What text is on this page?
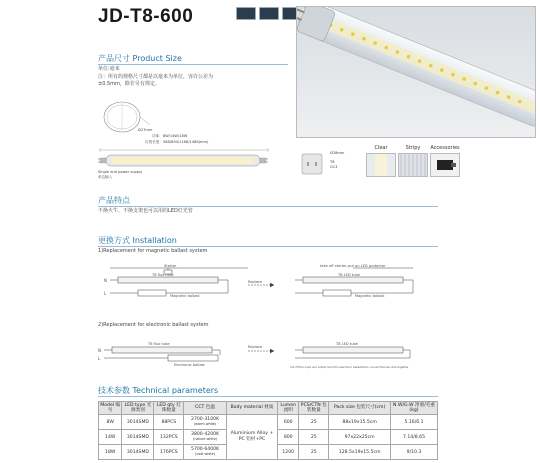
JD-T8-600
产品尺寸 Product Size
单位:毫米
注：所有的规格尺寸都是以毫米为单位，容许公差为
±0.5mm，除非另有规定。
Ø27mm
功率：8W/14W/18W
灯管长度：588/894/1188/1488(mm)
Single end power supply
单边输入
Ø28mm
T8
G13
Clear	Stripy	Accessories
产品特点
不换火牛、不换支架也可以用的LED灯光管
更换方式 Installation
1)Replacement for magnetic ballast system
Starter
T8 flux tube
Magnetic ballast
Replace
take off starter,put on LED protector
T8 LED tube
Magnetic ballast
N
L
2)Replacement for electronic ballast system
T8 flux tube
Electronic ballast
Replace
T8 LED tube
Cut off the input and output line from electronic ballast,then connect the two wire together
N
L
技术参数 Technical parameters
Model 编号	LED type 光源类别	LED qty 灯珠数量	CCT 色温	Body material 材质	Lumen 流明	PCS/CTN 包装数量	Pack size 包装尺寸(cm)	N.W/G.W 净重/毛重(kg)
8W	3014SMD	88PCS	2700-3100K
(warm white)	Aluminium Alloy + PC 铝材+PC	600	25	88x19x15.5cm	5.16/6.1
14W	3014SMD	132PCS	3800-4200K
(nature white)		800	25	97x22x25cm	7.14/8.65
18W	3014SMD	176PCS	5700-6400K
(cool white)		1200	25	128.5x19x15.5cm	9/10.3
